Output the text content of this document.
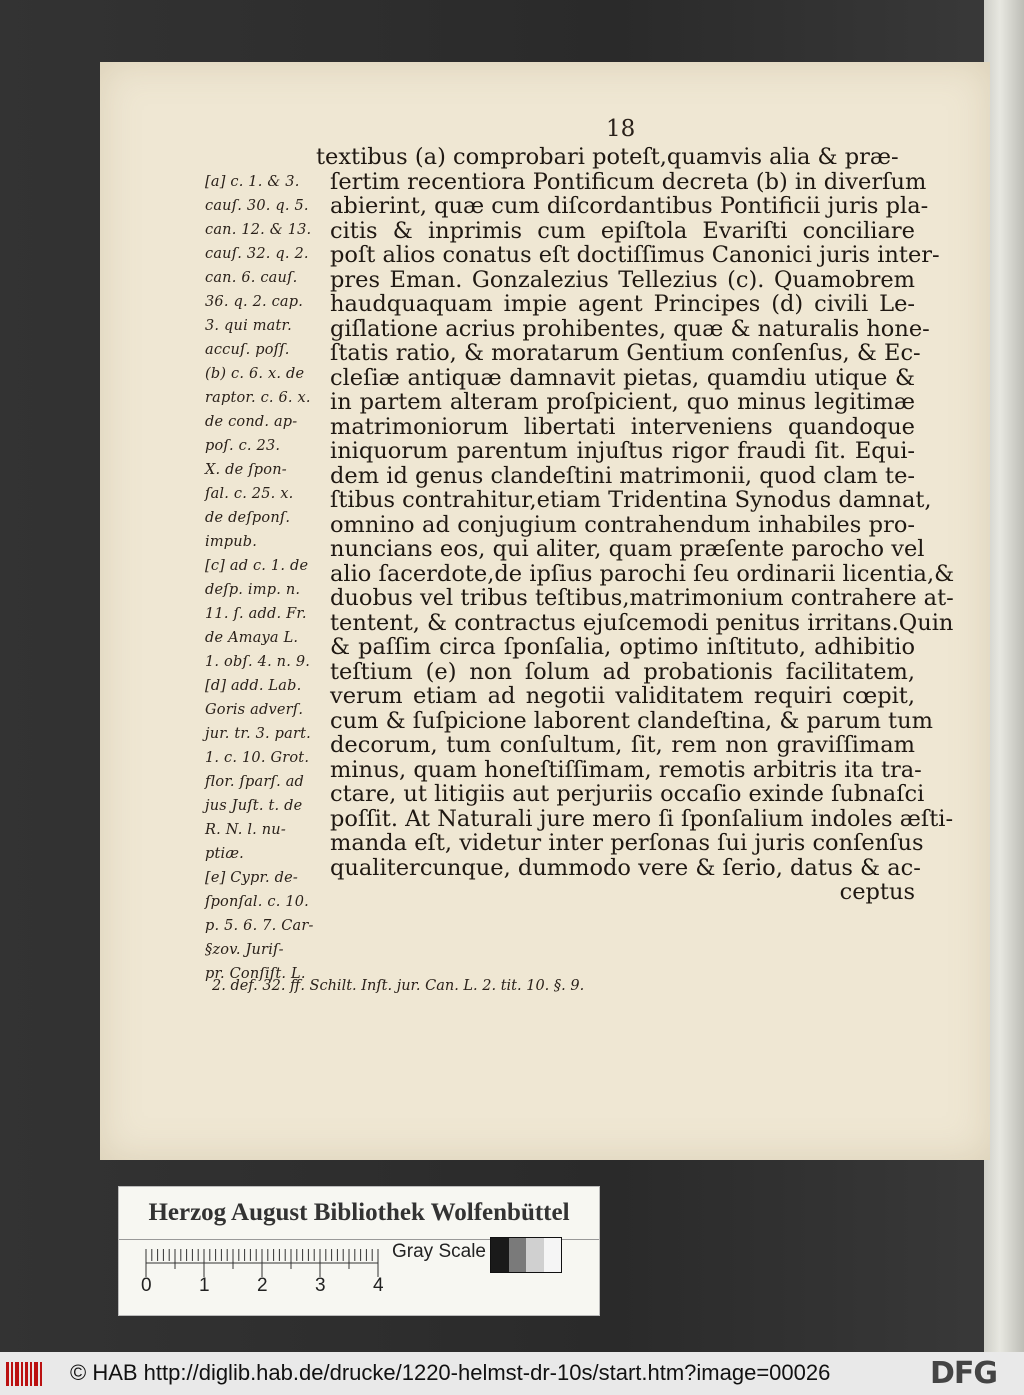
18
[a] c. 1. & 3.
cauſ. 30. q. 5.
can. 12. & 13.
cauſ. 32. q. 2.
can. 6. cauſ.
36. q. 2. cap.
3. qui matr.
accuſ. poſſ.
(b) c. 6. x. de
raptor. c. 6. x.
de cond. ap-
poſ. c. 23.
X. de ſpon-
ſal. c. 25. x.
de deſponſ.
impub.
[c] ad c. 1. de
deſp. imp. n.
11. ſ. add. Fr.
de Amaya L.
1. obſ. 4. n. 9.
[d] add. Lab.
Goris adverſ.
jur. tr. 3. part.
1. c. 10. Grot.
flor. ſparſ. ad
jus Juſt. t. de
R. N. l. nu-
ptiæ.
[e] Cypr. de-
ſponſal. c. 10.
p. 5. 6. 7. Car-
§zov. Juriſ-
pr. Conſiſt. L.
textibus (a) comprobari poteſt,quamvis alia & præ-
ſertim recentiora Pontificum decreta (b) in diverſum
abierint, quæ cum diſcordantibus Pontificii juris pla-
citis & inprimis cum epiſtola Evariſti conciliare
poſt alios conatus eſt doctiſſimus Canonici juris inter-
pres Eman. Gonzalezius Tellezius (c). Quamobrem
haudquaquam impie agent Principes (d) civili Le-
giſlatione acrius prohibentes, quæ & naturalis hone-
ſtatis ratio, & moratarum Gentium conſenſus, & Ec-
cleſiæ antiquæ damnavit pietas, quamdiu utique &
in partem alteram proſpicient, quo minus legitimæ
matrimoniorum libertati interveniens quandoque
iniquorum parentum injuſtus rigor fraudi ſit. Equi-
dem id genus clandeſtini matrimonii, quod clam te-
ſtibus contrahitur,etiam Tridentina Synodus damnat,
omnino ad conjugium contrahendum inhabiles pro-
nuncians eos, qui aliter, quam præſente parocho vel
alio ſacerdote,de ipſius parochi ſeu ordinarii licentia,&
duobus vel tribus teſtibus,matrimonium contrahere at-
tentent, & contractus ejuſcemodi penitus irritans.Quin
& paſſim circa ſponſalia, optimo inſtituto, adhibitio
teſtium (e) non ſolum ad probationis facilitatem,
verum etiam ad negotii validitatem requiri cœpit,
cum & ſuſpicione laborent clandeſtina, & parum tum
decorum, tum conſultum, ſit, rem non graviſſimam
minus, quam honeſtiſſimam, remotis arbitris ita tra-
ctare, ut litigiis aut perjuriis occaſio exinde ſubnaſci
poſſit. At Naturali jure mero ſi ſponſalium indoles æſti-
manda eſt, videtur inter perſonas ſui juris conſenſus
qualitercunque, dummodo vere & ſerio, datus & ac-
ceptus
2. def. 32. ff. Schilt. Inſt. jur. Can. L. 2. tit. 10. §. 9.
Herzog August Bibliothek Wolfenbüttel
0 1 2 3 4
Gray Scale
© HAB http://diglib.hab.de/drucke/1220-helmst-dr-10s/start.htm?image=00026	DFG
